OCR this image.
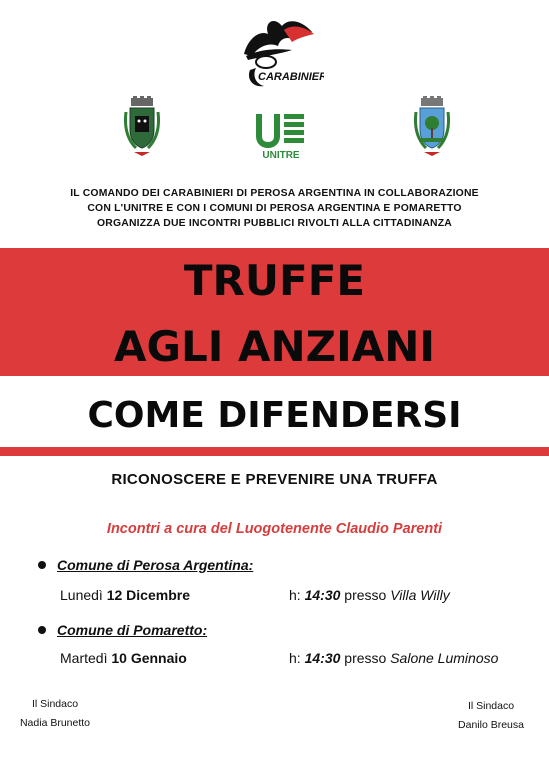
CARABINIERI
UNITRE
IL COMANDO DEI CARABINIERI DI PEROSA ARGENTINA IN COLLABORAZIONE
CON L'UNITRE E CON I COMUNI DI PEROSA ARGENTINA E POMARETTO
ORGANIZZA DUE INCONTRI PUBBLICI RIVOLTI ALLA CITTADINANZA
TRUFFE
AGLI ANZIANI
COME DIFENDERSI
RICONOSCERE E PREVENIRE UNA TRUFFA
Incontri a cura del Luogotenente Claudio Parenti
Comune di Perosa Argentina:
Lunedì 12 Dicembre	h: 14:30 presso Villa Willy
Comune di Pomaretto:
Martedì 10 Gennaio	h: 14:30 presso Salone Luminoso
Il Sindaco
Nadia Brunetto
Il Sindaco
Danilo Breusa
